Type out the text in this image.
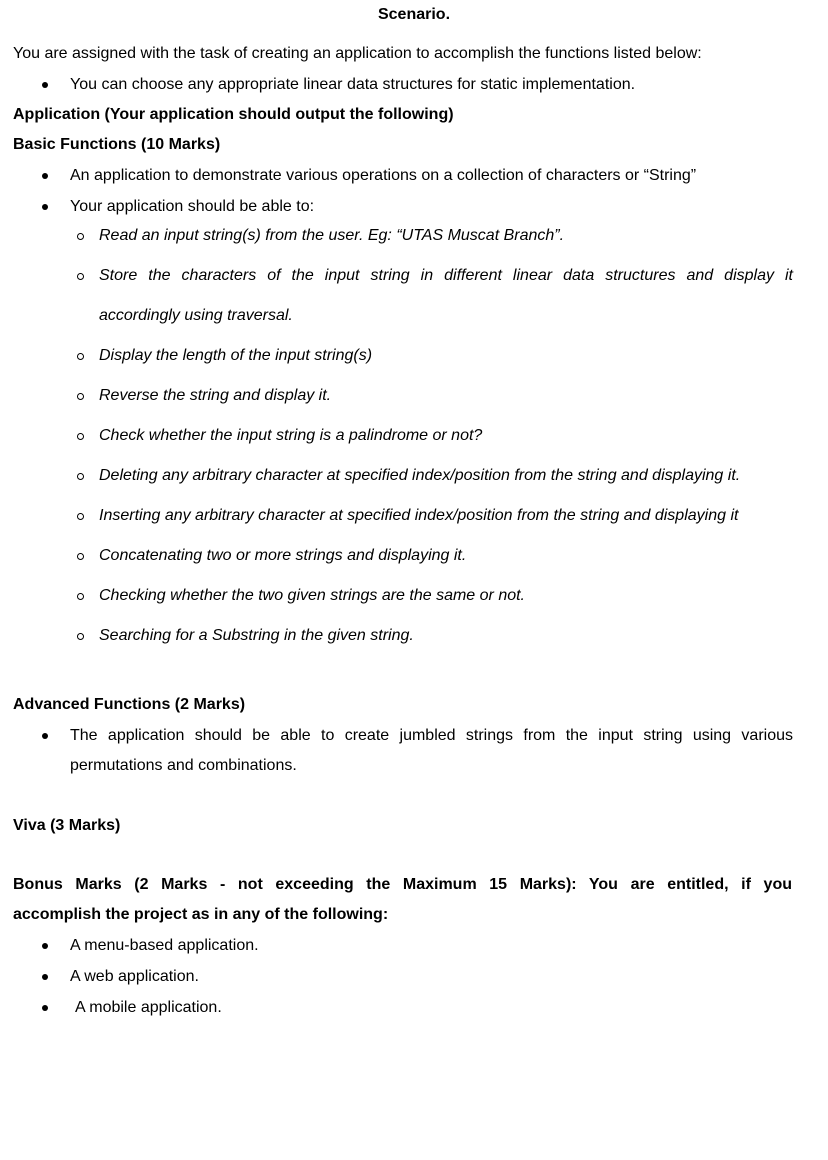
Scenario.
You are assigned with the task of creating an application to accomplish the functions listed below:
You can choose any appropriate linear data structures for static implementation.
Application (Your application should output the following)
Basic Functions (10 Marks)
An application to demonstrate various operations on a collection of characters or “String”
Your application should be able to:
Read an input string(s) from the user. Eg: “UTAS Muscat Branch”.
Store the characters of the input string in different linear data structures and display it
accordingly using traversal.
Display the length of the input string(s)
Reverse the string and display it.
Check whether the input string is a palindrome or not?
Deleting any arbitrary character at specified index/position from the string and displaying it.
Inserting any arbitrary character at specified index/position from the string and displaying it
Concatenating two or more strings and displaying it.
Checking whether the two given strings are the same or not.
Searching for a Substring in the given string.
Advanced Functions (2 Marks)
The application should be able to create jumbled strings from the input string using various
permutations and combinations.
Viva (3 Marks)
Bonus Marks (2 Marks - not exceeding the Maximum 15 Marks): You are entitled, if you
accomplish the project as in any of the following:
A menu-based application.
A web application.
A mobile application.
